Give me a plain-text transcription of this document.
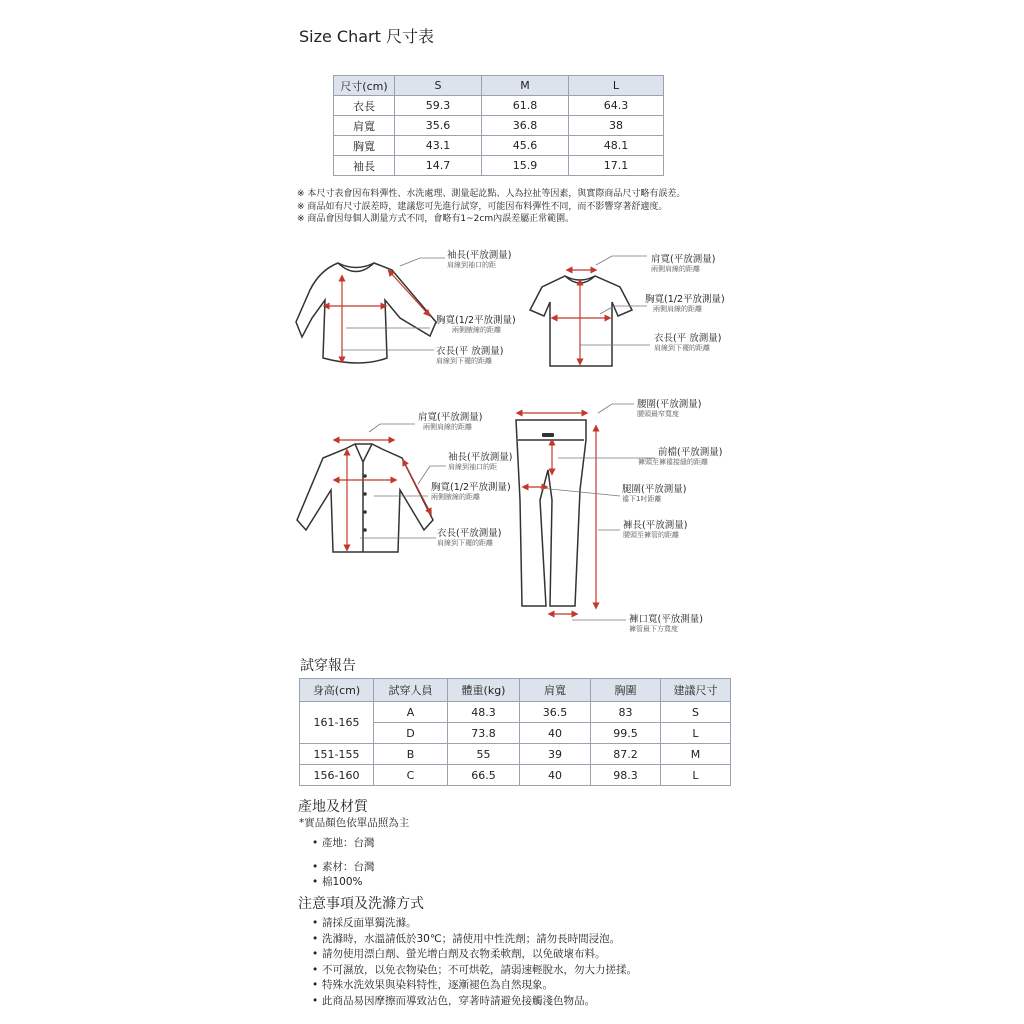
Size Chart 尺寸表
尺寸(cm)	S	M	L
衣長	59.3	61.8	64.3
肩寬	35.6	36.8	38
胸寬	43.1	45.6	48.1
袖長	14.7	15.9	17.1
※ 本尺寸表會因布料彈性、水洗處理、測量起訖點、人為拉扯等因素，與實際商品尺寸略有誤差。
※ 商品如有尺寸誤差時，建議您可先進行試穿，可能因布料彈性不同，而不影響穿著舒適度。
※ 商品會因每個人測量方式不同，會略有1~2cm內誤差屬正常範圍。
袖長(平放測量)
肩線到袖口的距
胸寬(1/2平放測量)
兩側腋線的距離
衣長(平 放測量)
肩線到下襬的距離
肩寬(平放測量)
兩側肩線的距離
胸寬(1/2平放測量)
兩側肩線的距離
衣長(平 放測量)
肩線到下襬的距離
肩寬(平放測量)
兩側肩線的距離
袖長(平放測量)
肩線到袖口的距
胸寬(1/2平放測量)
兩側腋線的距離
衣長(平放測量)
肩線到下襬的距離
腰圍(平放測量)
腰頭最窄寬度
前檔(平放測量)
褲頭至褲襠接縫的距離
腿圍(平放測量)
襠下1吋距離
褲長(平放測量)
腰頭至褲管的距離
褲口寬(平放測量)
褲管最下方寬度
試穿報告
身高(cm)	試穿人員	體重(kg)	肩寬	胸圍	建議尺寸
161-165	A	48.3	36.5	83	S
	D	73.8	40	99.5	L
151-155	B	55	39	87.2	M
156-160	C	66.5	40	98.3	L
產地及材質
*實品顏色依單品照為主
• 產地：台灣
• 素材：台灣
• 棉100%
注意事項及洗滌方式
• 請採反面單獨洗滌。
• 洗滌時，水溫請低於30℃；請使用中性洗劑；請勿長時間浸泡。
• 請勿使用漂白劑、螢光增白劑及衣物柔軟劑，以免破壞布料。
• 不可濕放，以免衣物染色；不可烘乾，請弱速輕脫水，勿大力搓揉。
• 特殊水洗效果與染料特性，逐漸褪色為自然現象。
• 此商品易因摩擦而導致沾色，穿著時請避免接觸淺色物品。
